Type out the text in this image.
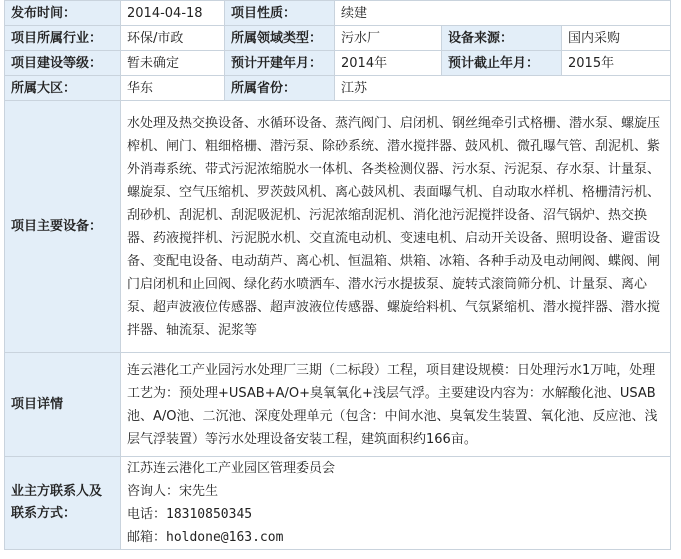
发布时间：	2014-04-18	项目性质：	续建		
项目所属行业：	环保/市政	所属领域类型：	污水厂	设备来源：	国内采购
项目建设等级：	暂未确定	预计开建年月：	2014年	预计截止年月：	2015年
所属大区：	华东	所属省份：	江苏		
项目主要设备：	水处理及热交换设备、水循环设备、蒸汽阀门、启闭机、钢丝绳牵引式格栅、潜水泵、螺旋压榨机、闸门、粗细格栅、潜污泵、除砂系统、潜水搅拌器、鼓风机、微孔曝气管、刮泥机、紫外消毒系统、带式污泥浓缩脱水一体机、各类检测仪器、污水泵、污泥泵、存水泵、计量泵、螺旋泵、空气压缩机、罗茨鼓风机、离心鼓风机、表面曝气机、自动取水样机、格栅清污机、刮砂机、刮泥机、刮泥吸泥机、污泥浓缩刮泥机、消化池污泥搅拌设备、沼气锅炉、热交换器、药液搅拌机、污泥脱水机、交直流电动机、变速电机、启动开关设备、照明设备、避雷设备、变配电设备、电动葫芦、离心机、恒温箱、烘箱、冰箱、各种手动及电动闸阀、蝶阀、闸门启闭机和止回阀、绿化药水喷洒车、潜水污水提拔泵、旋转式滚筒筛分机、计量泵、离心泵、超声波液位传感器、超声波液位传感器、螺旋给料机、气氛紧缩机、潜水搅拌器、潜水搅拌器、轴流泵、泥浆等				
项目详情	连云港化工产业园污水处理厂三期（二标段）工程，项目建设规模：日处理污水1万吨，处理工艺为：预处理+USAB+A/O+臭氧氧化+浅层气浮。主要建设内容为：水解酸化池、USAB池、A/O池、二沉池、深度处理单元（包含：中间水池、臭氧发生装置、氧化池、反应池、浅层气浮装置）等污水处理设备安装工程，建筑面积约166亩。				
业主方联系人及联系方式：	江苏连云港化工产业园区管理委员会
咨询人：宋先生
电话：18310850345
邮箱：holdone@163.com				
